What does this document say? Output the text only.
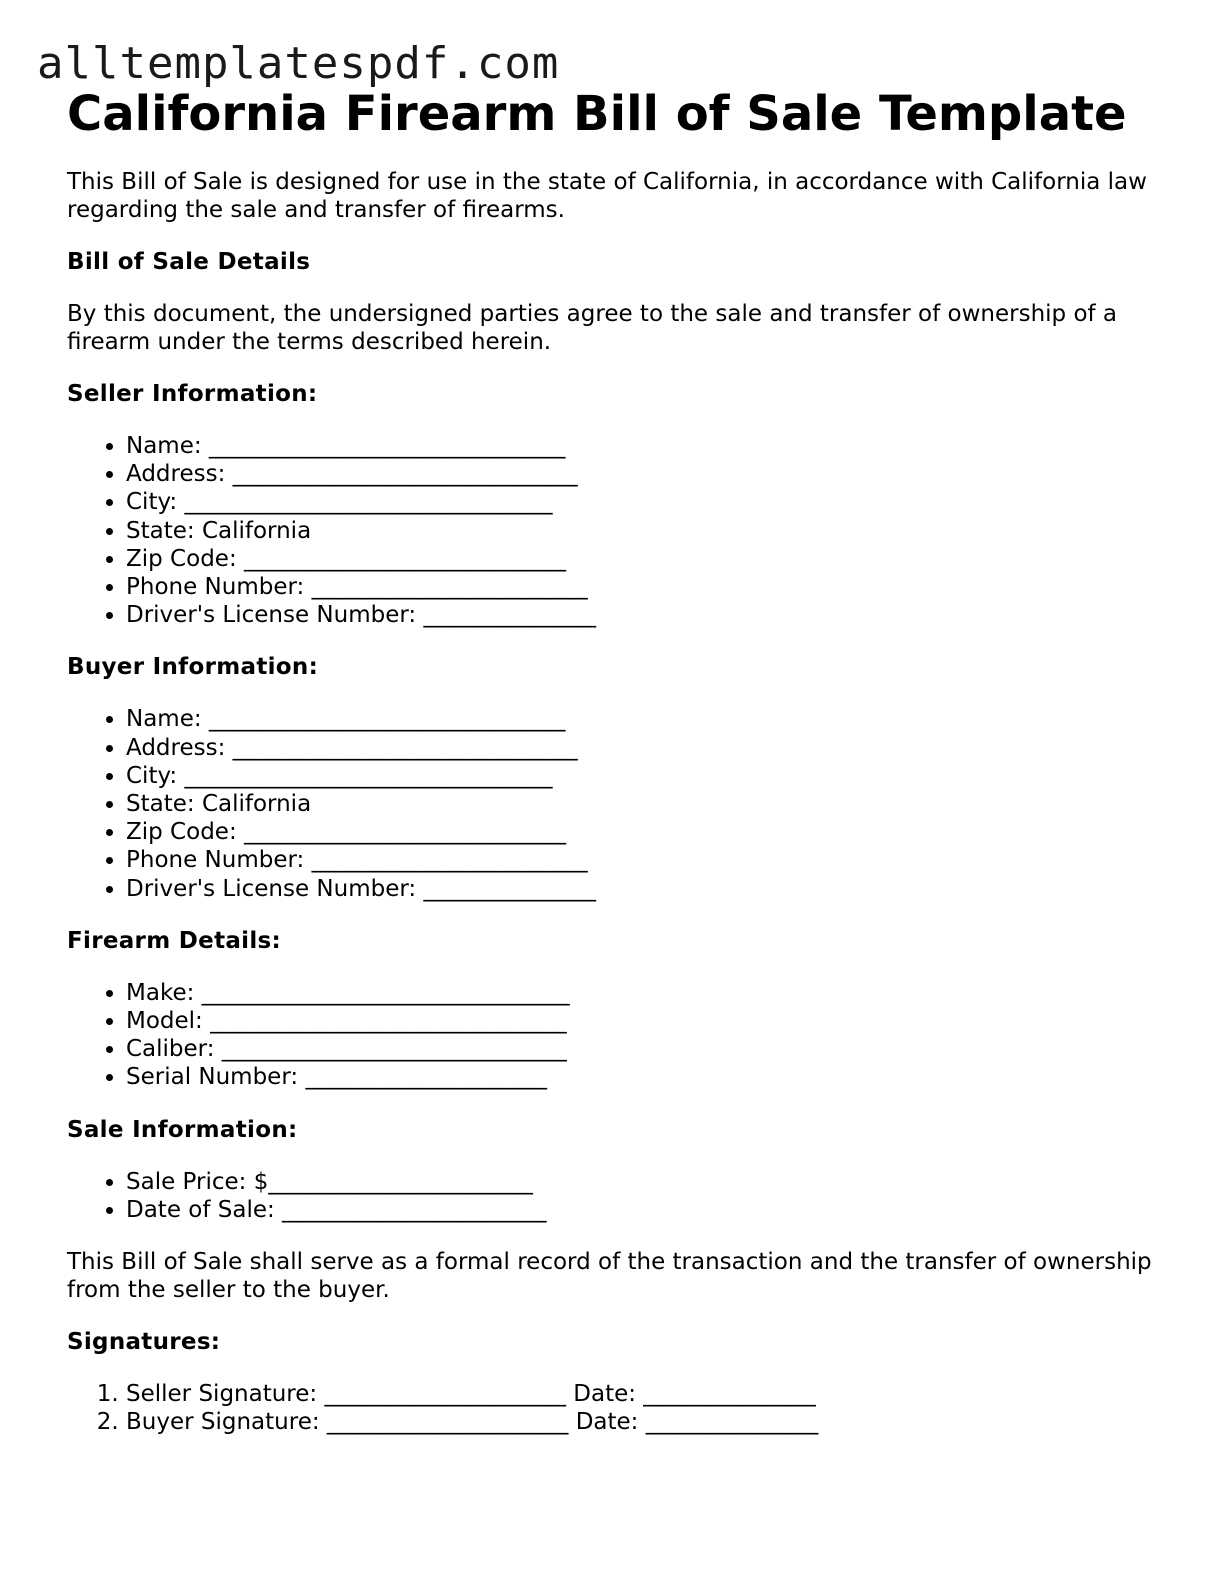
alltemplatespdf.com
California Firearm Bill of Sale Template

This Bill of Sale is designed for use in the state of California, in accordance with California law regarding the sale and transfer of firearms.

Bill of Sale Details

By this document, the undersigned parties agree to the sale and transfer of ownership of a firearm under the terms described herein.

Seller Information:
• Name: _______________________________
• Address: ______________________________
• City: ________________________________
• State: California
• Zip Code: ____________________________
• Phone Number: ________________________
• Driver's License Number: _______________
Buyer Information:
• Name: _______________________________
• Address: ______________________________
• City: ________________________________
• State: California
• Zip Code: ____________________________
• Phone Number: ________________________
• Driver's License Number: _______________
Firearm Details:
• Make: ________________________________
• Model: _______________________________
• Caliber: ______________________________
• Serial Number: _____________________
Sale Information:
• Sale Price: $_______________________
• Date of Sale: _______________________

This Bill of Sale shall serve as a formal record of the transaction and the transfer of ownership from the seller to the buyer.

Signatures:
1. Seller Signature: _____________________ Date: _______________
2. Buyer Signature: _____________________ Date: _______________
